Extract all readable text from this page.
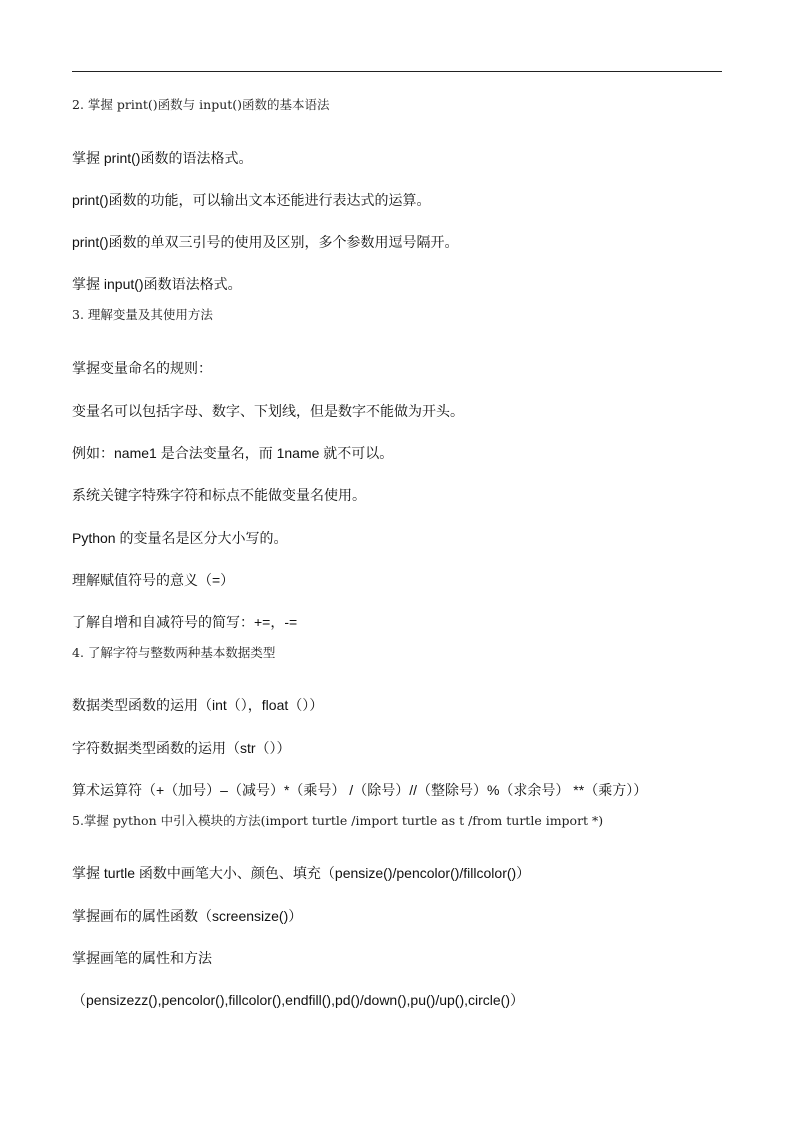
2. 掌握 print()函数与 input()函数的基本语法
掌握 print()函数的语法格式。
print()函数的功能，可以输出文本还能进行表达式的运算。
print()函数的单双三引号的使用及区别，多个参数用逗号隔开。
掌握 input()函数语法格式。
3. 理解变量及其使用方法
掌握变量命名的规则：
变量名可以包括字母、数字、下划线，但是数字不能做为开头。
例如：name1 是合法变量名，而 1name 就不可以。
系统关键字特殊字符和标点不能做变量名使用。
Python 的变量名是区分大小写的。
理解赋值符号的意义（=）
了解自增和自减符号的简写：+=，-=
4. 了解字符与整数两种基本数据类型
数据类型函数的运用（int（），float（））
字符数据类型函数的运用（str（））
算术运算符（+（加号）–（减号）*（乘号） /（除号）//（整除号）%（求余号） **（乘方））
5.掌握 python 中引入模块的方法(import turtle /import turtle as t /from turtle import *)
掌握 turtle 函数中画笔大小、颜色、填充（pensize()/pencolor()/fillcolor()）
掌握画布的属性函数（screensize()）
掌握画笔的属性和方法
（pensizezz(),pencolor(),fillcolor(),endfill(),pd()/down(),pu()/up(),circle()）
